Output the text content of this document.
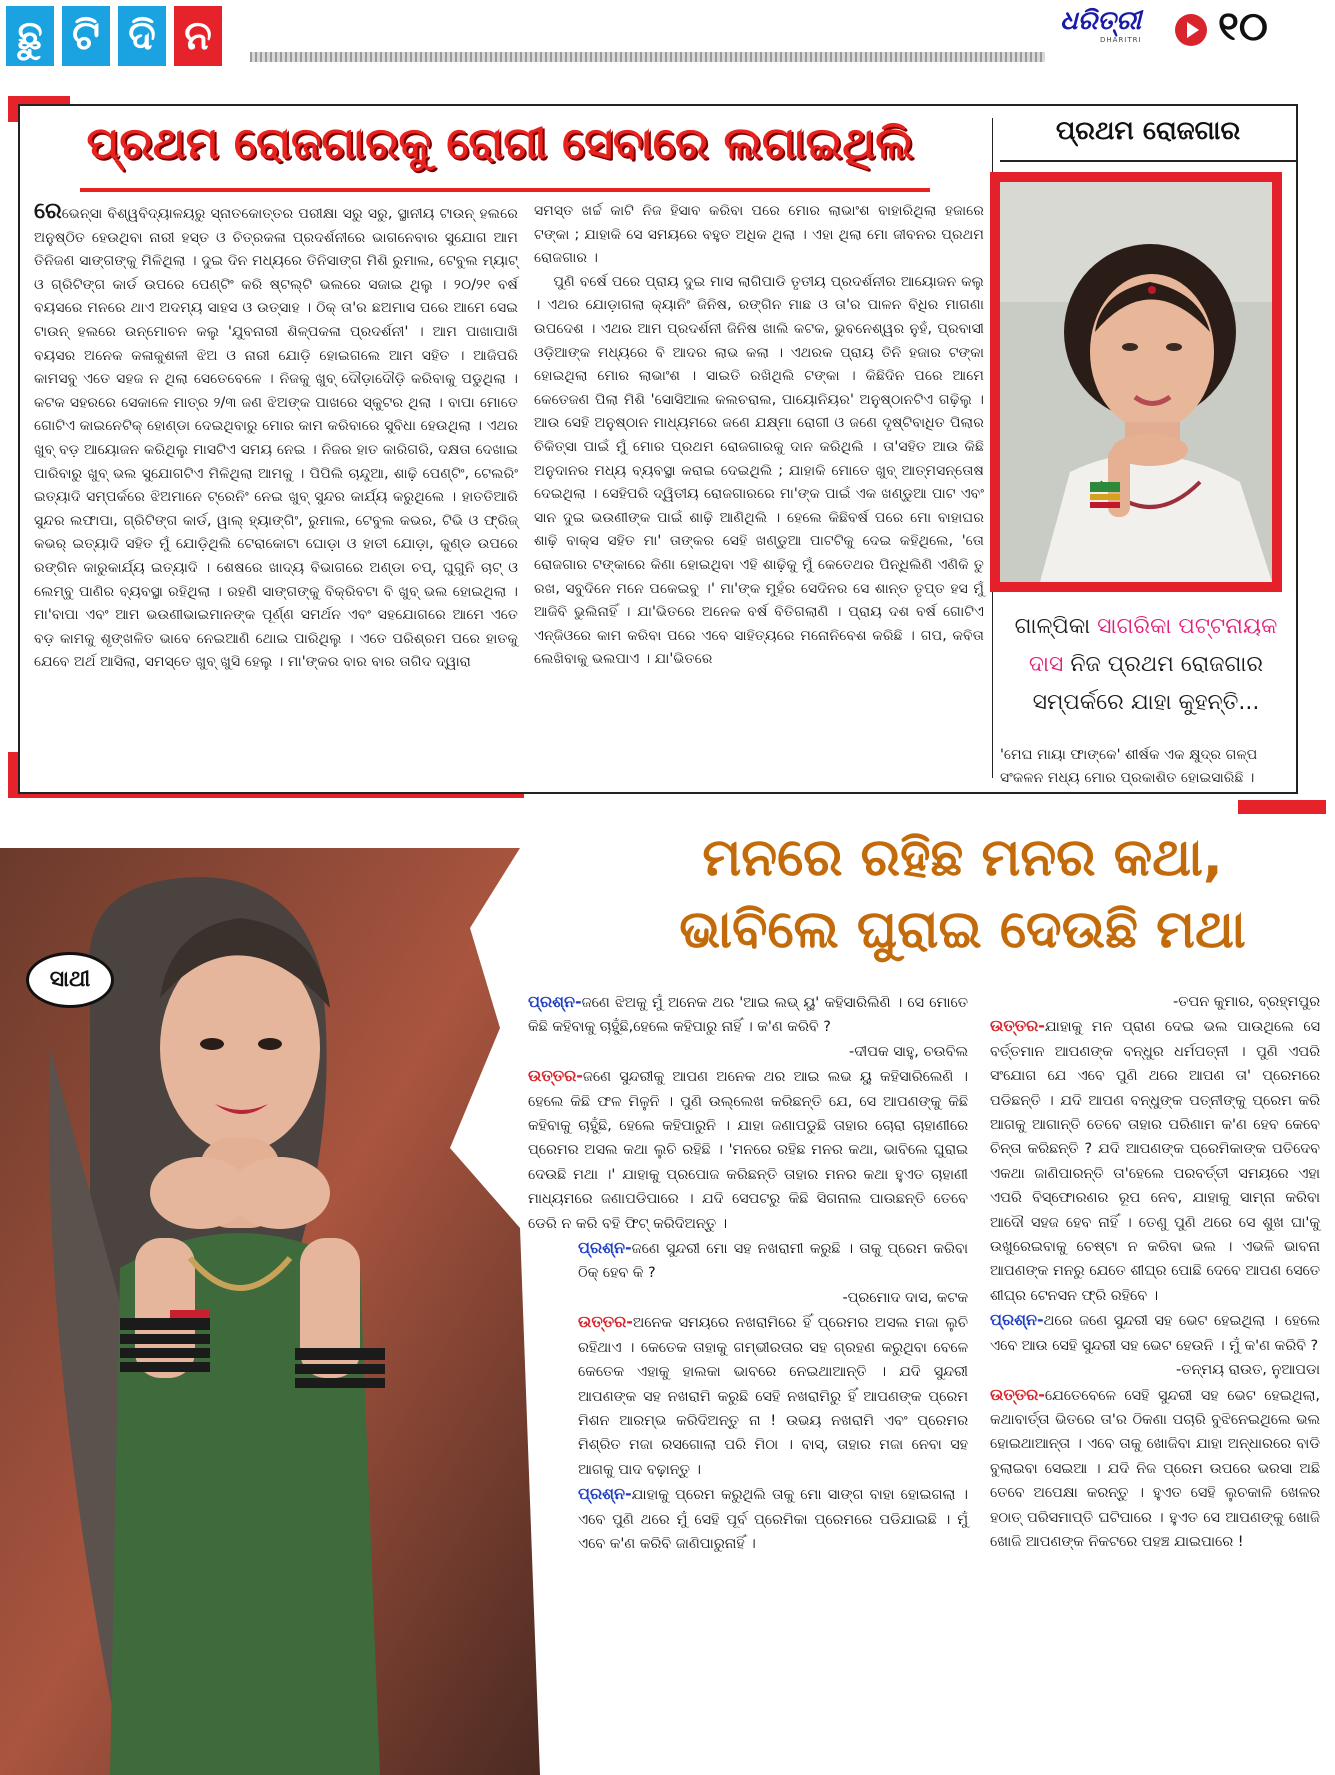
ଛୁ ଟି ଦି ନ	ଧରିତ୍ରୀ
DHARITRI ୧୦
ପ୍ରଥମ ରୋଜଗାରକୁ ରୋଗୀ ସେବାରେ ଲଗାଇଥିଲି
ରେଭେନ୍ସା ବିଶ୍ୱବିଦ୍ୟାଳୟରୁ ସ୍ନାତକୋତ୍ତର ପରୀକ୍ଷା ସରୁ ସରୁ, ସ୍ଥାନୀୟ ଟାଉନ୍ ହଲରେ ଅନୁଷ୍ଠିତ ହେଉଥିବା ନାରୀ ହସ୍ତ ଓ ଚିତ୍ରକଳା ପ୍ରଦର୍ଶନୀରେ ଭାଗନେବାର ସୁଯୋଗ ଆମ ତିନିଜଣ ସାଙ୍ଗଙ୍କୁ ମିଳିଥିଲା । ଦୁଇ ଦିନ ମଧ୍ୟରେ ତିନିସାଙ୍ଗ ମିଶି ରୁମାଲ, ଟେବୁଲ ମ୍ୟାଟ୍ ଓ ଗ୍ରିଟିଙ୍ଗ କାର୍ଡ ଉପରେ ପେଣ୍ଟିଂ କରି ଷ୍ଟଲ୍‌ଟି ଭଲରେ ସଜାଇ ଥିଲୁ । ୨୦/୨୧ ବର୍ଷ ବୟସରେ ମନରେ ଥାଏ ଅଦମ୍ୟ ସାହସ ଓ ଉତ୍ସାହ । ଠିକ୍ ତା'ର ଛଅମାସ ପରେ ଆମେ ସେଇ ଟାଉନ୍ ହଲରେ ଉନ୍ମୋଚନ କଲୁ 'ଯୁବନାରୀ ଶିଳ୍ପକଳା ପ୍ରଦର୍ଶନୀ' । ଆମ ପାଖାପାଖି ବୟସର ଅନେକ କଳାକୁଶଳୀ ଝିଅ ଓ ନାରୀ ଯୋଡ଼ି ହୋଇଗଲେ ଆମ ସହିତ । ଆଜିପରି କାମସବୁ ଏତେ ସହଜ ନ ଥିଲା ସେତେବେଳେ । ନିଜକୁ ଖୁବ୍ ଦୌଡ଼ାଦୌଡ଼ି କରିବାକୁ ପଡୁଥିଲା । କଟକ ସହରରେ ସେକାଳେ ମାତ୍ର ୨/୩ ଜଣ ଝିଅଙ୍କ ପାଖରେ ସ୍କୁଟର ଥିଲା । ବାପା ମୋତେ ଗୋଟିଏ କାଇନେଟିକ୍ ହୋଣ୍ଡା ଦେଇଥିବାରୁ ମୋର କାମ କରିବାରେ ସୁବିଧା ହେଉଥିଲା । ଏଥର ଖୁବ୍ ବଡ଼ ଆୟୋଜନ କରିଥିଲୁ ମାସଟିଏ ସମୟ ନେଇ । ନିଜର ହାତ କାରିଗରି, ଦକ୍ଷତା ଦେଖାଇ ପାରିବାରୁ ଖୁବ୍ ଭଲ ସୁଯୋଗଟିଏ ମିଳିଥିଲା ଆମକୁ । ପିପିଲି ଚାନ୍ଦୁଆ, ଶାଢ଼ି ପେଣ୍ଟିଂ, ଟେଲରିଂ ଇତ୍ୟାଦି ସମ୍ପର୍କରେ ଝିଅମାନେ ଟ୍ରେନିଂ ନେଇ ଖୁବ୍ ସୁନ୍ଦର କାର୍ଯ୍ୟ କରୁଥିଲେ । ହାତତିଆରି ସୁନ୍ଦର ଲଫାପା, ଗ୍ରିଟିଙ୍ଗ କାର୍ଡ, ୱାଲ୍ ହ୍ୟାଙ୍ଗିଂ, ରୁମାଲ, ଟେବୁଲ କଭର, ଟିଭି ଓ ଫ୍ରିଜ୍ କଭର୍ ଇତ୍ୟାଦି ସହିତ ମୁଁ ଯୋଡ଼ିଥିଲି ଟେରାକୋଟା ଘୋଡ଼ା ଓ ହାତୀ ଯୋଡ଼ା, କୁଣ୍ଡ ଉପରେ ରଙ୍ଗିନ କାରୁକାର୍ଯ୍ୟ ଇତ୍ୟାଦି । ଶେଷରେ ଖାଦ୍ୟ ବିଭାଗରେ ଅଣ୍ଡା ଚପ୍, ଘୁଗୁନି ଚାଟ୍ ଓ ଲେମ୍ବୁ ପାଣିର ବ୍ୟବସ୍ଥା ରହିଥିଲା । ରହଣି ସାଙ୍ଗଙ୍କୁ ବିକ୍ରିବଟା ବି ଖୁବ୍ ଭଲ ହୋଇଥିଲା । ମା'ବାପା ଏବଂ ଆମ ଭଉଣୀଭାଇମାନଙ୍କ ପୂର୍ଣ୍ଣ ସମର୍ଥନ ଏବଂ ସହଯୋଗରେ ଆମେ ଏତେ ବଡ଼ କାମକୁ ଶୃଙ୍ଖଳିତ ଭାବେ ନେଇଆଣି ଥୋଇ ପାରିଥିଲୁ । ଏତେ ପରିଶ୍ରମ ପରେ ହାତକୁ ଯେବେ ଅର୍ଥ ଆସିଲା, ସମସ୍ତେ ଖୁବ୍ ଖୁସି ହେଲୁ । ମା'ଙ୍କର ବାର ବାର ତାଗିଦ ଦ୍ୱାରା
ସମସ୍ତ ଖର୍ଚ୍ଚ କାଟି ନିଜ ହିସାବ କରିବା ପରେ ମୋର ଲାଭାଂଶ ବାହାରିଥିଲା ହଜାରେ ଟଙ୍କା ; ଯାହାକି ସେ ସମୟରେ ବହୁତ ଅଧିକ ଥିଲା । ଏହା ଥିଲା ମୋ ଜୀବନର ପ୍ରଥମ ରୋଜଗାର ।
ପୁଣି ବର୍ଷେ ପରେ ପ୍ରାୟ ଦୁଇ ମାସ ଲାଗିପାଡି ତୃତୀୟ ପ୍ରଦର୍ଶନୀର ଆୟୋଜନ କଲୁ । ଏଥର ଯୋଡ଼ାଗଲା କ୍ୟାନିଂ ଜିନିଷ, ରଙ୍ଗିନ ମାଛ ଓ ତା'ର ପାଳନ ବିଧିର ମାଗଣା ଉପଦେଶ । ଏଥର ଆମ ପ୍ରଦର୍ଶନୀ ଜିନିଷ ଖାଲି କଟକ, ଭୁବନେଶ୍ୱର ନୁହଁ, ପ୍ରବାସୀ ଓଡ଼ିଆଙ୍କ ମଧ୍ୟରେ ବି ଆଦର ଲାଭ କଲା । ଏଥରକ ପ୍ରାୟ ତିନି ହଜାର ଟଙ୍କା ହୋଇଥିଲା ମୋର ଲାଭାଂଶ । ସାଇତି ରଖିଥିଲି ଟଙ୍କା । କିଛିଦିନ ପରେ ଆମେ କେତେଜଣ ପିଲା ମିଶି 'ସୋସିଆଲ କଲଚରାଲ, ପାୟୋନିୟର' ଅନୁଷ୍ଠାନଟିଏ ଗଢ଼ିଲୁ । ଆଉ ସେହି ଅନୁଷ୍ଠାନ ମାଧ୍ୟମରେ ଜଣେ ଯକ୍ଷ୍ମା ରୋଗୀ ଓ ଜଣେ ଦୃଷ୍ଟିବାଧିତ ପିଲାର ଚିକିତ୍ସା ପାଇଁ ମୁଁ ମୋର ପ୍ରଥମ ରୋଜଗାରକୁ ଦାନ କରିଥିଲି । ତା'ସହିତ ଆଉ କିଛି ଅନୁଦାନର ମଧ୍ୟ ବ୍ୟବସ୍ଥା କରାଇ ଦେଇଥିଲି ; ଯାହାକି ମୋତେ ଖୁବ୍ ଆତ୍ମସନ୍ତୋଷ ଦେଇଥିଲା । ସେହିପରି ଦ୍ୱିତୀୟ ରୋଜଗାରରେ ମା'ଙ୍କ ପାଇଁ ଏକ ଖଣ୍ଡୁଆ ପାଟ ଏବଂ ସାନ ଦୁଇ ଭଉଣୀଙ୍କ ପାଇଁ ଶାଢ଼ି ଆଣିଥିଲି । ହେଲେ କିଛିବର୍ଷ ପରେ ମୋ ବାହାଘର ଶାଢ଼ି ବାକ୍ସ ସହିତ ମା' ତାଙ୍କର ସେହି ଖଣ୍ଡୁଆ ପାଟଟିକୁ ଦେଇ କହିଥିଲେ, 'ତୋ ରୋଜଗାର ଟଙ୍କାରେ କିଣା ହୋଇଥିବା ଏହି ଶାଢ଼ିକୁ ମୁଁ କେତେଥର ପିନ୍ଧିଲିଣି ଏଣିକି ତୁ ରଖ, ସବୁଦିନେ ମନେ ପକେଇବୁ ।' ମା'ଙ୍କ ମୁହଁର ସେଦିନର ସେ ଶାନ୍ତ ତୃପ୍ତ ହସ ମୁଁ ଆଜିବି ଭୁଲିନାହିଁ । ଯା'ଭିତରେ ଅନେକ ବର୍ଷ ବିତିଗଲାଣି । ପ୍ରାୟ ଦଶ ବର୍ଷ ଗୋଟିଏ ଏନ୍‌ଜିଓରେ କାମ କରିବା ପରେ ଏବେ ସାହିତ୍ୟରେ ମନୋନିବେଶ କରିଛି । ଗପ, କବିତା ଲେଖିବାକୁ ଭଲପାଏ । ଯା'ଭିତରେ
ପ୍ରଥମ ରୋଜଗାର
ଗାଳ୍ପିକା ସାଗରିକା ପଟ୍ଟନାୟକ ଦାସ ନିଜ ପ୍ରଥମ ରୋଜଗାର ସମ୍ପର୍କରେ ଯାହା କୁହନ୍ତି...
'ମେଘ ମାୟା ଫାଙ୍କେ' ଶୀର୍ଷକ ଏକ କ୍ଷୁଦ୍ର ଗଳ୍ପ ସଂକଳନ ମଧ୍ୟ ମୋର ପ୍ରକାଶିତ ହୋଇସାରିଛି ।
ସାଥୀ
ମନରେ ରହିଛ ମନର କଥା,
ଭାବିଲେ ଘୁରାଇ ଦେଉଛି ମଥା

ପ୍ରଶ୍ନ-ଜଣେ ଝିଅକୁ ମୁଁ ଅନେକ ଥର 'ଆଇ ଲଭ୍ ୟୁ' କହିସାରିଲିଣି । ସେ ମୋତେ କିଛି କହିବାକୁ ଚାହୁଁଛି,ହେଲେ କହିପାରୁ ନାହିଁ । କ'ଣ କରିବି ?
-ଦୀପକ ସାହୁ, ଚଉବିଲ

ଉତ୍ତର-ଜଣେ ସୁନ୍ଦରୀକୁ ଆପଣ ଅନେକ ଥର ଆଇ ଲଭ ୟୁ କହିସାରିଲେଣି । ହେଲେ କିଛି ଫଳ ମିଳୁନି । ପୁଣି ଉଲ୍ଲେଖ କରିଛନ୍ତି ଯେ, ସେ ଆପଣଙ୍କୁ କିଛି କହିବାକୁ ଚାହୁଁଛି, ହେଲେ କହିପାରୁନି । ଯାହା ଜଣାପଡୁଛି ତାହାର ଚୋରା ଚାହାଣୀରେ ପ୍ରେମର ଅସଲ କଥା ଲୁଚି ରହିଛି । 'ମନରେ ରହିଛ ମନର କଥା, ଭାବିଲେ ଘୁରାଇ ଦେଉଛି ମଥା ।' ଯାହାକୁ ପ୍ରପୋଜ କରିଛନ୍ତି ତାହାର ମନର କଥା ହୁଏତ ଚାହାଣୀ ମାଧ୍ୟମରେ ଜଣାପଡିପାରେ । ଯଦି ସେପଟରୁ କିଛି ସିଗନାଲ ପାଉଛନ୍ତି ତେବେ ଡେରି ନ କରି ବହି ଫିଟ୍ କରିଦିଅନ୍ତୁ ।

ପ୍ରଶ୍ନ-ଜଣେ ସୁନ୍ଦରୀ ମୋ ସହ ନଖରାମୀ କରୁଛି । ତାକୁ ପ୍ରେମ କରିବା ଠିକ୍ ହେବ କି ?
-ପ୍ରମୋଦ ଦାସ, କଟକ

ଉତ୍ତର-ଅନେକ ସମୟରେ ନଖରାମିରେ ହିଁ ପ୍ରେମର ଅସଲ ମଜା ଲୁଚି ରହିଥାଏ । କେତେକ ତାହାକୁ ଗମ୍ଭୀରତାର ସହ ଗ୍ରହଣ କରୁଥିବା ବେଳେ କେତେକ ଏହାକୁ ହାଲକା ଭାବରେ ନେଇଥାଆନ୍ତି । ଯଦି ସୁନ୍ଦରୀ ଆପଣଙ୍କ ସହ ନଖରାମି କରୁଛି ସେହି ନଖରାମିରୁ ହିଁ ଆପଣଙ୍କ ପ୍ରେମ ମିଶନ ଆରମ୍ଭ କରିଦିଅନ୍ତୁ ନା ! ଉଭୟ ନଖରାମି ଏବଂ ପ୍ରେମର ମିଶ୍ରିତ ମଜା ରସଗୋଲା ପରି ମିଠା । ବାସ୍, ତାହାର ମଜା ନେବା ସହ ଆଗକୁ ପାଦ ବଢ଼ାନ୍ତୁ ।

ପ୍ରଶ୍ନ-ଯାହାକୁ ପ୍ରେମ କରୁଥିଲି ତାକୁ ମୋ ସାଙ୍ଗ ବାହା ହୋଇଗଲା । ଏବେ ପୁଣି ଥରେ ମୁଁ ସେହି ପୂର୍ବ ପ୍ରେମିକା ପ୍ରେମରେ ପଡିଯାଇଛି । ମୁଁ ଏବେ କ'ଣ କରିବି ଜାଣିପାରୁନାହିଁ ।

-ତପନ କୁମାର, ବ୍ରହ୍ମପୁର

ଉତ୍ତର-ଯାହାକୁ ମନ ପ୍ରାଣ ଦେଇ ଭଲ ପାଉଥିଲେ ସେ ବର୍ତ୍ତମାନ ଆପଣଙ୍କ ବନ୍ଧୁର ଧର୍ମପତ୍ନୀ । ପୁଣି ଏପରି ସଂଯୋଗ ଯେ ଏବେ ପୁଣି ଥରେ ଆପଣ ତା' ପ୍ରେମରେ ପଡିଛନ୍ତି । ଯଦି ଆପଣ ବନ୍ଧୁଙ୍କ ପତ୍ନୀଙ୍କୁ ପ୍ରେମ କରି ଆଗକୁ ଆଗାନ୍ତି ତେବେ ତାହାର ପରିଣାମ କ'ଣ ହେବ କେବେ ଚିନ୍ତା କରିଛନ୍ତି ? ଯଦି ଆପଣଙ୍କ ପ୍ରେମିକାଙ୍କ ପତିଦେବ ଏକଥା ଜାଣିପାରନ୍ତି ତା'ହେଲେ ପରବର୍ତ୍ତୀ ସମୟରେ ଏହା ଏପରି ବିସ୍ଫୋରଣର ରୂପ ନେବ, ଯାହାକୁ ସାମ୍ନା କରିବା ଆଦୌ ସହଜ ହେବ ନାହିଁ । ତେଣୁ ପୁଣି ଥରେ ସେ ଶୁଖ ଘା'କୁ ଉଖୁରେଇବାକୁ ଚେଷ୍ଟା ନ କରିବା ଭଲ । ଏଭଳି ଭାବନା ଆପଣଙ୍କ ମନରୁ ଯେତେ ଶୀଘ୍ର ପୋଛି ଦେବେ ଆପଣ ସେତେ ଶୀଘ୍ର ଟେନସନ ଫ୍ରି ରହିବେ ।

ପ୍ରଶ୍ନ-ଥରେ ଜଣେ ସୁନ୍ଦରୀ ସହ ଭେଟ ହେଇଥିଲା । ହେଲେ ଏବେ ଆଉ ସେହି ସୁନ୍ଦରୀ ସହ ଭେଟ ହେଉନି । ମୁଁ କ'ଣ କରିବି ?
-ତନ୍ମୟ ରାଉତ, ନୁଆପଡା

ଉତ୍ତର-ଯେତେବେଳେ ସେହି ସୁନ୍ଦରୀ ସହ ଭେଟ ହେଇଥିଲା, କଥାବାର୍ତ୍ତା ଭିତରେ ତା'ର ଠିକଣା ପଚାରି ବୁଝିନେଇଥିଲେ ଭଲ ହୋଇଥାଆନ୍ତା । ଏବେ ତାକୁ ଖୋଜିବା ଯାହା ଅନ୍ଧାରରେ ବାଡି ବୁଲାଇବା ସେଇଆ । ଯଦି ନିଜ ପ୍ରେମ ଉପରେ ଭରସା ଅଛି ତେବେ ଅପେକ୍ଷା କରନ୍ତୁ । ହୁଏତ ସେହି ଲୁଚକାଳି ଖେଳର ହଠାତ୍ ପରିସମାପ୍ତି ଘଟିପାରେ । ହୁଏତ ସେ ଆପଣଙ୍କୁ ଖୋଜି ଖୋଜି ଆପଣଙ୍କ ନିକଟରେ ପହଞ୍ଚ ଯାଇପାରେ !
